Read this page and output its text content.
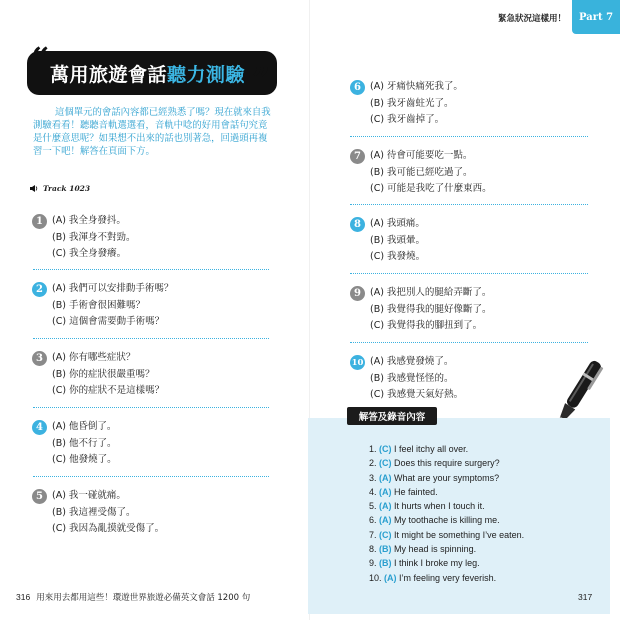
緊急狀況這樣用！	Part 7
“ 萬用旅遊會話聽力測驗 ”
這個單元的會話內容都已經熟悉了嗎？現在就來自我測驗看看！聽聽音軌選選看，音軌中唸的好用會話句究竟是什麼意思呢？如果想不出來的話也別著急，回過頭再複習一下吧！解答在頁面下方。
Track 1023
1 (A) 我全身發抖。
(B) 我渾身不對勁。
(C) 我全身發癢。
2 (A) 我們可以安排動手術嗎？
(B) 手術會很困難嗎？
(C) 這個會需要動手術嗎？
3 (A) 你有哪些症狀？
(B) 你的症狀很嚴重嗎？
(C) 你的症狀不是這樣嗎？
4 (A) 他昏倒了。
(B) 他不行了。
(C) 他發燒了。
5 (A) 我一碰就痛。
(B) 我這裡受傷了。
(C) 我因為亂摸就受傷了。
6 (A) 牙痛快痛死我了。
(B) 我牙齒蛀光了。
(C) 我牙齒掉了。
7 (A) 待會可能要吃一點。
(B) 我可能已經吃過了。
(C) 可能是我吃了什麼東西。
8 (A) 我頭痛。
(B) 我頭暈。
(C) 我發燒。
9 (A) 我把別人的腿給弄斷了。
(B) 我覺得我的腿好像斷了。
(C) 我覺得我的腳扭到了。
10 (A) 我感覺發燒了。
(B) 我感覺怪怪的。
(C) 我感覺天氣好熱。
解答及錄音內容
1. (C) I feel itchy all over.
2. (C) Does this require surgery?
3. (A) What are your symptoms?
4. (A) He fainted.
5. (A) It hurts when I touch it.
6. (A) My toothache is killing me.
7. (C) It might be something I’ve eaten.
8. (B) My head is spinning.
9. (B) I think I broke my leg.
10. (A) I’m feeling very feverish.
316 用來用去都用這些！環遊世界旅遊必備英文會話 1200 句	317
